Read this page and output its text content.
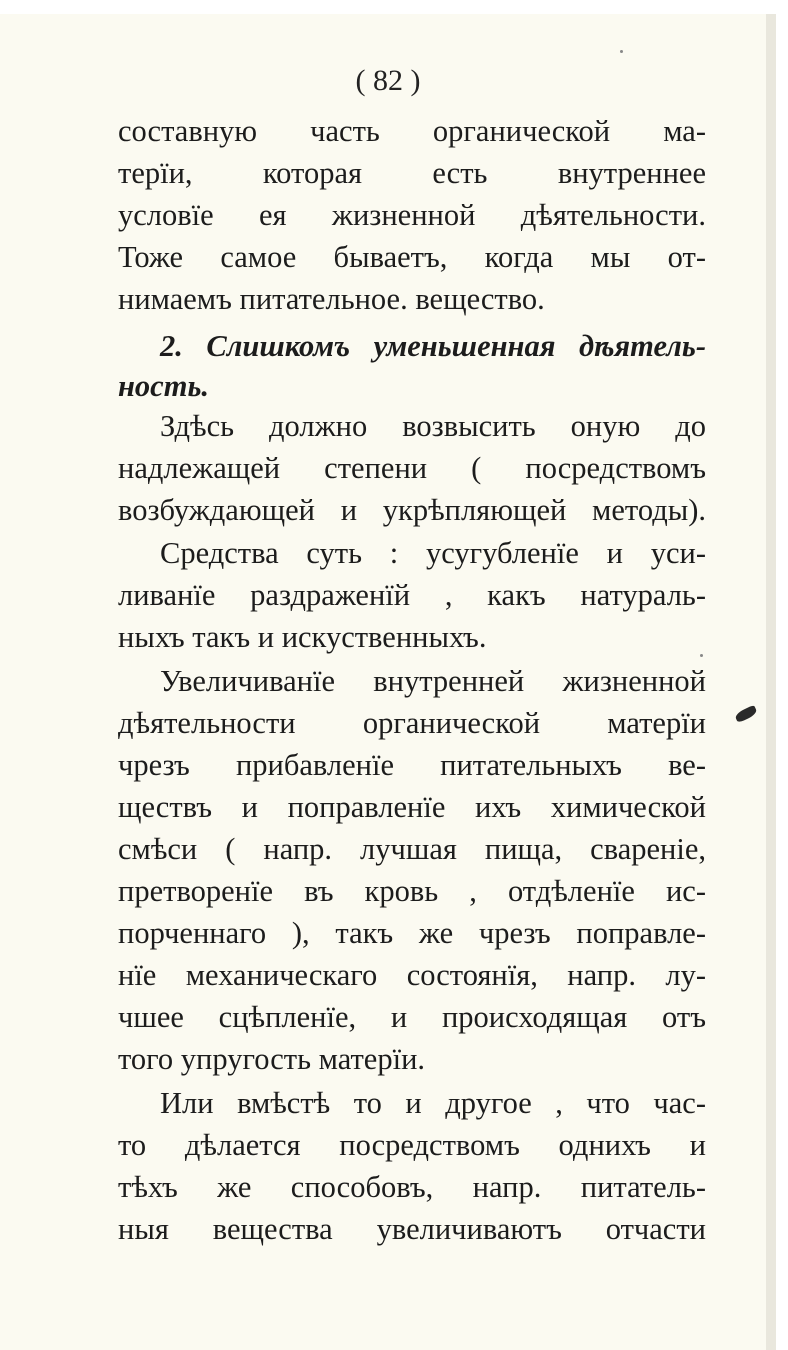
( 82 )
составную часть органической ма-
терїи, которая есть внутреннее
условїе ея жизненной дѣятельности.
Тоже самое бываетъ, когда мы от-
нимаемъ питательное. вещество.
2. Слишкомъ уменьшенная дѣятель-
ность.
Здѣсь должно возвысить оную до
надлежащей степени ( посредствомъ
возбуждающей и укрѣпляющей методы).
Средства суть : усугубленїе и уси-
ливанїе раздраженїй , какъ натураль-
ныхъ такъ и искуственныхъ.
Увеличиванїе внутренней жизненной
дѣятельности органической матерїи
чрезъ прибавленїе питательныхъ ве-
ществъ и поправленїе ихъ химической
смѣси ( напр. лучшая пища, свареніе,
претворенїе въ кровь , отдѣленїе ис-
порченнаго ), такъ же чрезъ поправле-
нїе механическаго состоянїя, напр. лу-
чшее сцѣпленїе, и происходящая отъ
того упругость матерїи.
Или вмѣстѣ то и другое , что час-
то дѣлается посредствомъ однихъ и
тѣхъ же способовъ, напр. питатель-
ныя вещества увеличиваютъ отчасти
